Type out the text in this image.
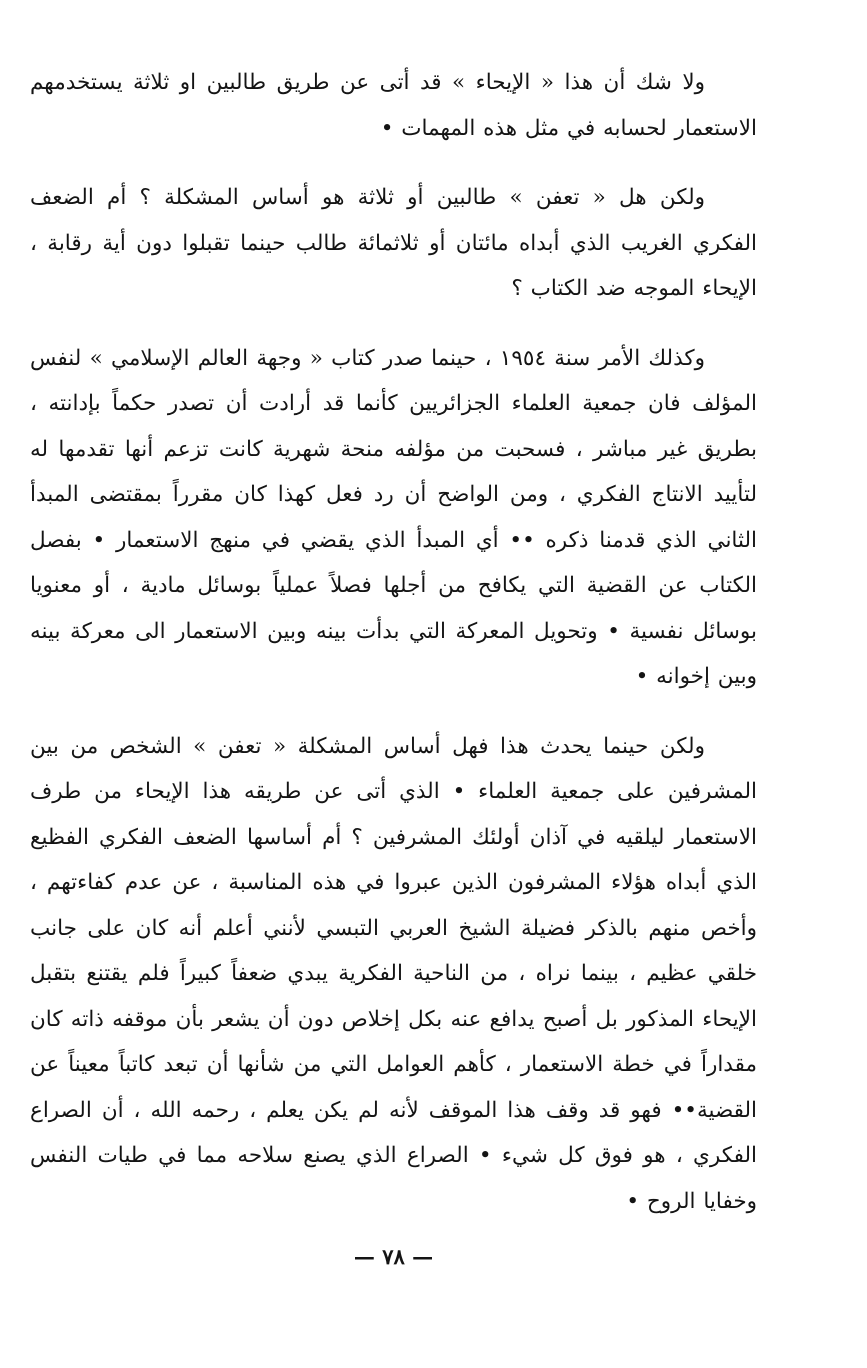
ولا شك أن هذا « الإيحاء » قد أتى عن طريق طالبين او ثلاثة يستخدمهم الاستعمار لحسابه في مثل هذه المهمات •

ولكن هل « تعفن » طالبين أو ثلاثة هو أساس المشكلة ؟ أم الضعف الفكري الغريب الذي أبداه مائتان أو ثلاثمائة طالب حينما تقبلوا دون أية رقابة ، الإيحاء الموجه ضد الكتاب ؟

وكذلك الأمر سنة ١٩٥٤ ، حينما صدر كتاب « وجهة العالم الإسلامي » لنفس المؤلف فان جمعية العلماء الجزائريين كأنما قد أرادت أن تصدر حكماً بإدانته ، بطريق غير مباشر ، فسحبت من مؤلفه منحة شهرية كانت تزعم أنها تقدمها له لتأييد الانتاج الفكري ، ومن الواضح أن رد فعل كهذا كان مقرراً بمقتضى المبدأ الثاني الذي قدمنا ذكره •• أي المبدأ الذي يقضي في منهج الاستعمار • بفصل الكتاب عن القضية التي يكافح من أجلها فصلاً عملياً بوسائل مادية ، أو معنويا بوسائل نفسية • وتحويل المعركة التي بدأت بينه وبين الاستعمار الى معركة بينه وبين إخوانه •

ولكن حينما يحدث هذا فهل أساس المشكلة « تعفن » الشخص من بين المشرفين على جمعية العلماء • الذي أتى عن طريقه هذا الإيحاء من طرف الاستعمار ليلقيه في آذان أولئك المشرفين ؟ أم أساسها الضعف الفكري الفظيع الذي أبداه هؤلاء المشرفون الذين عبروا في هذه المناسبة ، عن عدم كفاءتهم ، وأخص منهم بالذكر فضيلة الشيخ العربي التبسي لأنني أعلم أنه كان على جانب خلقي عظيم ، بينما نراه ، من الناحية الفكرية يبدي ضعفاً كبيراً فلم يقتنع بتقبل الإيحاء المذكور بل أصبح يدافع عنه بكل إخلاص دون أن يشعر بأن موقفه ذاته كان مقداراً في خطة الاستعمار ، كأهم العوامل التي من شأنها أن تبعد كاتباً معيناً عن القضية•• فهو قد وقف هذا الموقف لأنه لم يكن يعلم ، رحمه الله ، أن الصراع الفكري ، هو فوق كل شيء • الصراع الذي يصنع سلاحه مما في طيات النفس وخفايا الروح •

— ٧٨ —
